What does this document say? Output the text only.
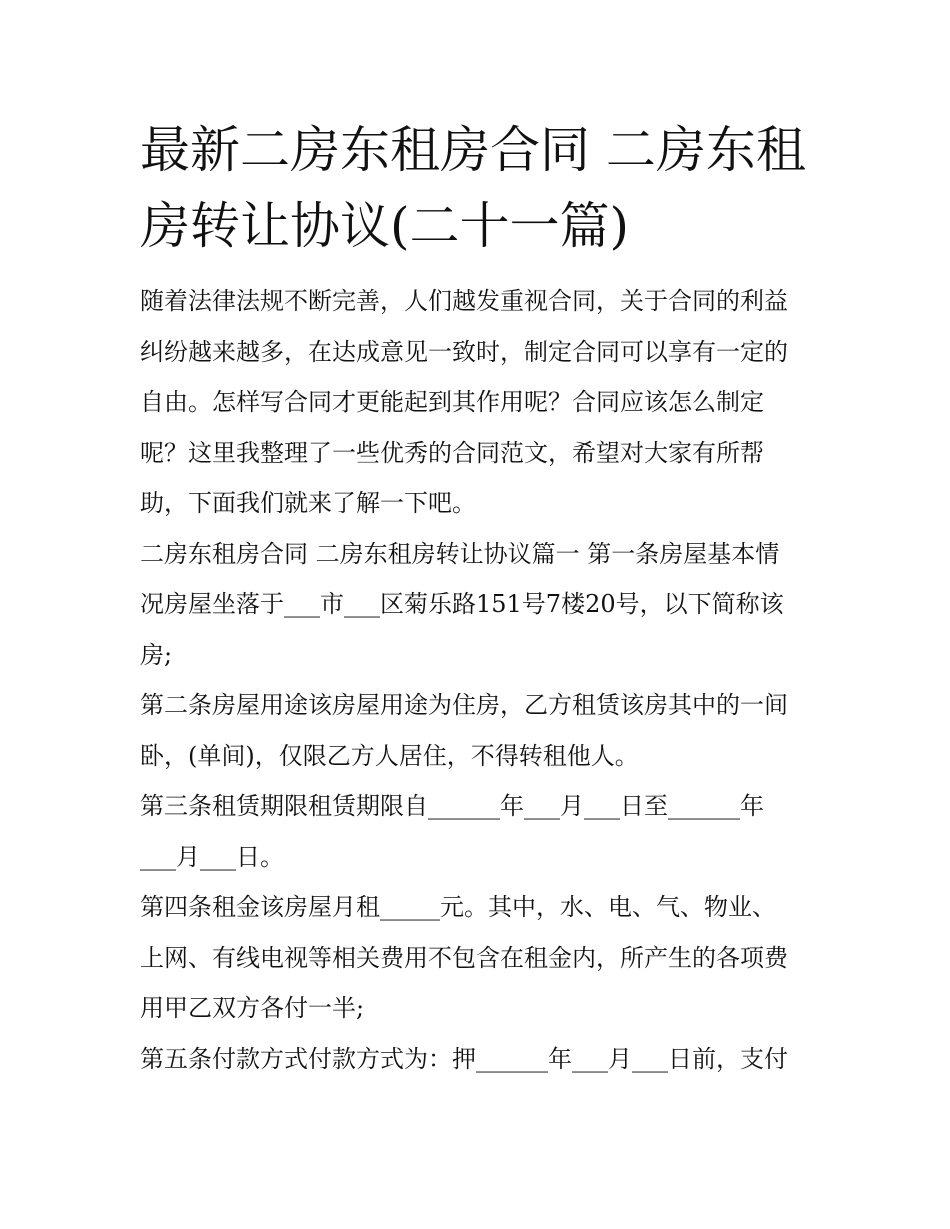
最新二房东租房合同 二房东租
房转让协议(二十一篇)
随着法律法规不断完善，人们越发重视合同，关于合同的利益
纠纷越来越多，在达成意见一致时，制定合同可以享有一定的
自由。怎样写合同才更能起到其作用呢？合同应该怎么制定
呢？这里我整理了一些优秀的合同范文，希望对大家有所帮
助，下面我们就来了解一下吧。
二房东租房合同 二房东租房转让协议篇一 第一条房屋基本情
况房屋坐落于___市___区菊乐路151号7楼20号，以下简称该
房;
第二条房屋用途该房屋用途为住房，乙方租赁该房其中的一间
卧，(单间)，仅限乙方人居住，不得转租他人。
第三条租赁期限租赁期限自______年___月___日至______年
___月___日。
第四条租金该房屋月租_____元。其中，水、电、气、物业、
上网、有线电视等相关费用不包含在租金内，所产生的各项费
用甲乙双方各付一半;
第五条付款方式付款方式为：押______年___月___日前，支付
